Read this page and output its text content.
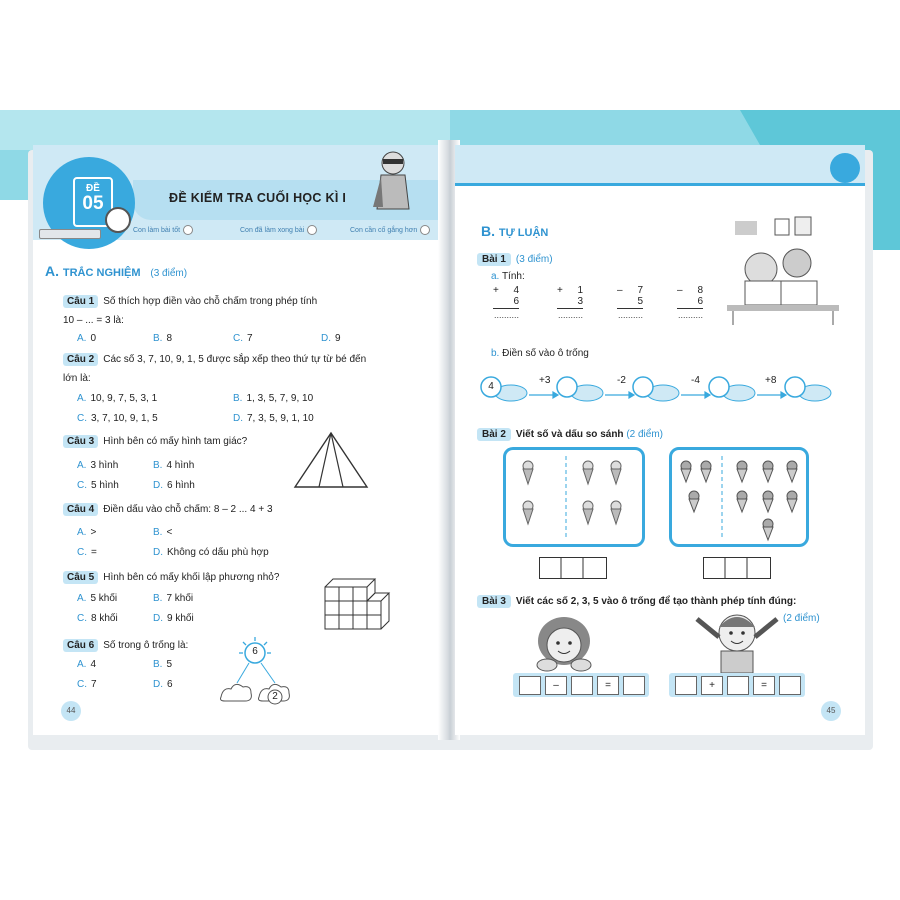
ĐỀ KIỂM TRA CUỐI HỌC KÌ I
ĐỀ
05
Con làm bài tốt	Con đã làm xong bài	Con cần cố gắng hơn
A. TRẮC NGHIỆM (3 điểm)
Câu 1 Số thích hợp điền vào chỗ chấm trong phép tính
10 – ... = 3 là:
A. 0	B. 8	C. 7	D. 9
Câu 2 Các số 3, 7, 10, 9, 1, 5 được sắp xếp theo thứ tự từ bé đến
lớn là:
A. 10, 9, 7, 5, 3, 1	B. 1, 3, 5, 7, 9, 10
C. 3, 7, 10, 9, 1, 5	D. 7, 3, 5, 9, 1, 10
Câu 3 Hình bên có mấy hình tam giác?
A. 3 hình	B. 4 hình
C. 5 hình	D. 6 hình
Câu 4 Điền dấu vào chỗ chấm: 8 – 2 ... 4 + 3
A. >	B. <
C. =	D. Không có dấu phù hợp
Câu 5 Hình bên có mấy khối lập phương nhỏ?
A. 5 khối	B. 7 khối
C. 8 khối	D. 9 khối
Câu 6 Số trong ô trống là:
A. 4	B. 5
C. 7	D. 6
6
2
44
B. TỰ LUẬN
Bài 1 (3 điểm)
a. Tính:
+ 4
6
..........
+ 1
3
..........
– 7
5
..........
– 8
6
..........
b. Điền số vào ô trống
4
+3	-2	-4	+8
Bài 2 Viết số và dấu so sánh (2 điểm)
Bài 3 Viết các số 2, 3, 5 vào ô trống để tạo thành phép tính đúng:
(2 điểm)
–	=	+	=
45
